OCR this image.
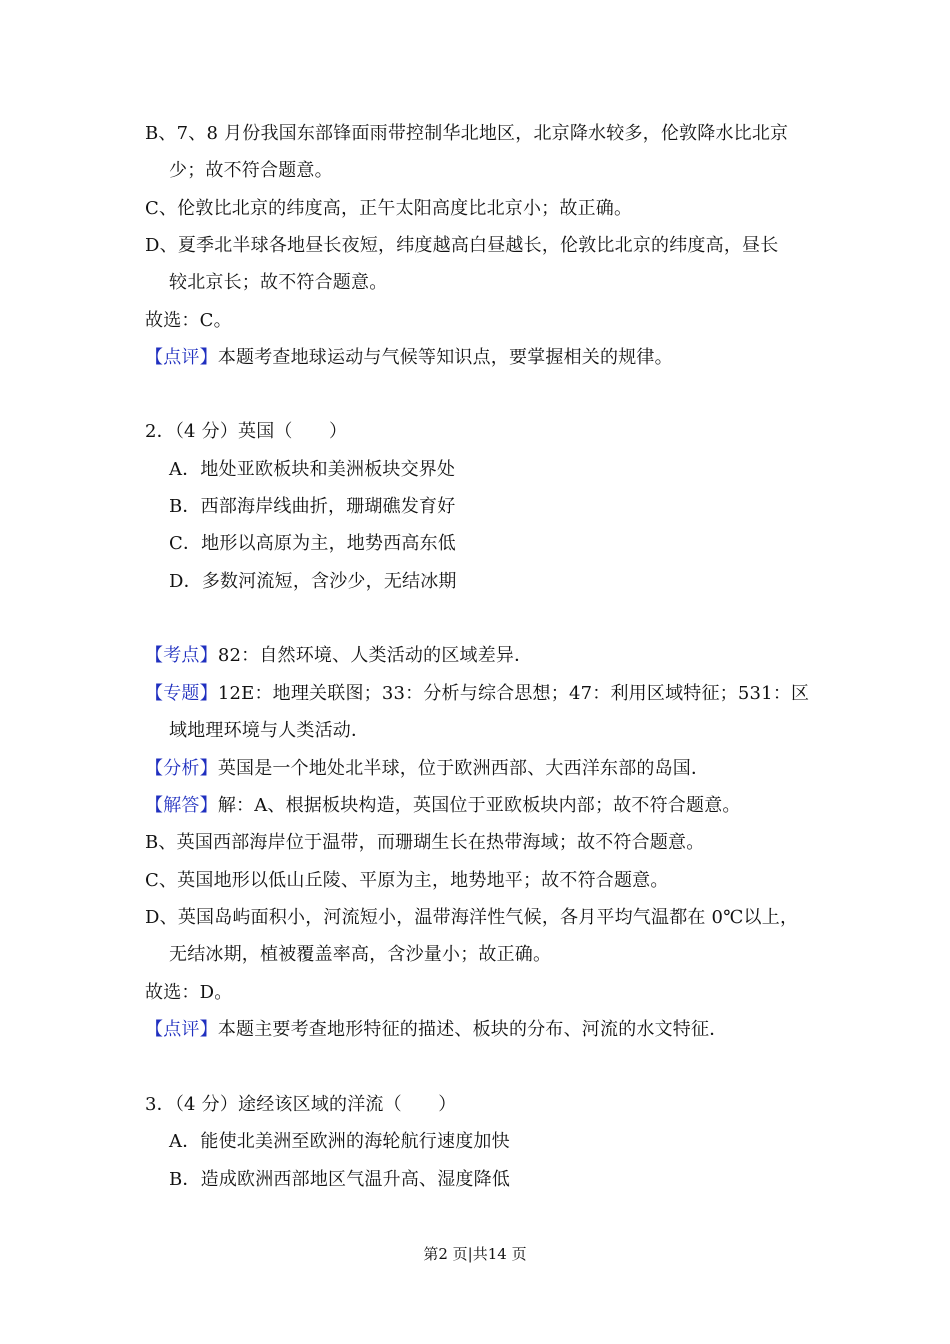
B、7、8 月份我国东部锋面雨带控制华北地区，北京降水较多，伦敦降水比北京
少；故不符合题意。
C、伦敦比北京的纬度高，正午太阳高度比北京小；故正确。
D、夏季北半球各地昼长夜短，纬度越高白昼越长，伦敦比北京的纬度高，昼长
较北京长；故不符合题意。
故选：C。
【点评】本题考查地球运动与气候等知识点，要掌握相关的规律。
2．（4 分）英国（　　）
A．地处亚欧板块和美洲板块交界处
B．西部海岸线曲折，珊瑚礁发育好
C．地形以高原为主，地势西高东低
D．多数河流短，含沙少，无结冰期
【考点】82：自然环境、人类活动的区域差异．
【专题】12E：地理关联图；33：分析与综合思想；47：利用区域特征；531：区
域地理环境与人类活动．
【分析】英国是一个地处北半球，位于欧洲西部、大西洋东部的岛国．
【解答】解：A、根据板块构造，英国位于亚欧板块内部；故不符合题意。
B、英国西部海岸位于温带，而珊瑚生长在热带海域；故不符合题意。
C、英国地形以低山丘陵、平原为主，地势地平；故不符合题意。
D、英国岛屿面积小，河流短小，温带海洋性气候，各月平均气温都在 0℃以上，
无结冰期，植被覆盖率高，含沙量小；故正确。
故选：D。
【点评】本题主要考查地形特征的描述、板块的分布、河流的水文特征．
3．（4 分）途经该区域的洋流（　　）
A．能使北美洲至欧洲的海轮航行速度加快
B．造成欧洲西部地区气温升高、湿度降低
第2 页|共14 页
